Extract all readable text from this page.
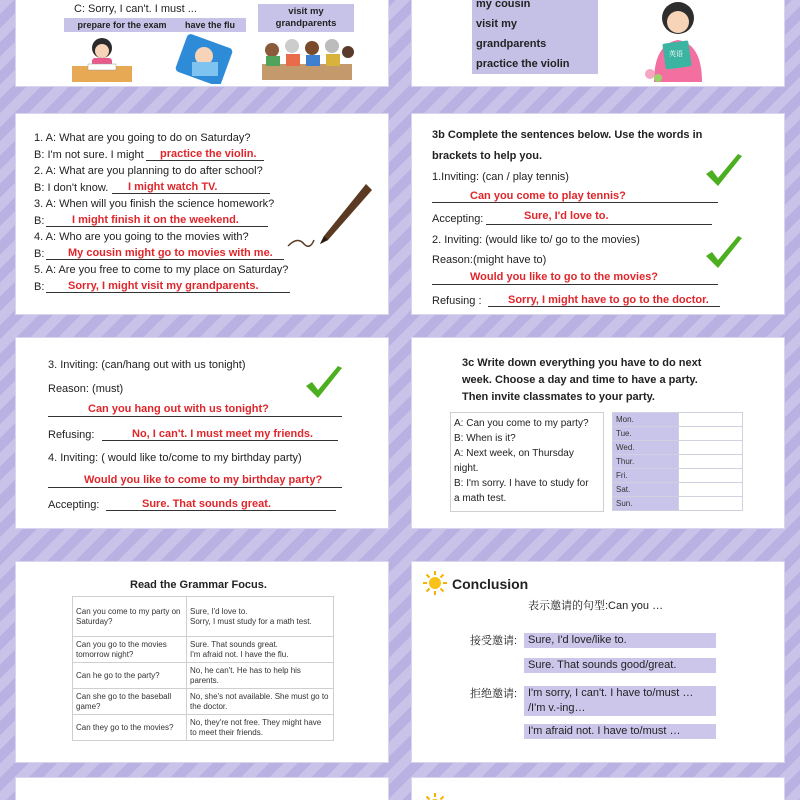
C: Sorry, I can't. I must ...
prepare for the exam	have the flu
visit my grandparents
my cousin
visit my
grandparents
practice the violin
英语
1. A: What are you going to do on Saturday?
B: I'm not sure. I might practice the violin.
2. A: What are you planning to do after school?
B: I don't know. I might watch TV.
3. A: When will you finish the science homework?
B:	I might finish it on the weekend.
4. A: Who are you going to the movies with?
B: My cousin might go to movies with me.
5. A: Are you free to come to my place on Saturday?
B: Sorry, I might visit my grandparents.
3b Complete the sentences below. Use the words in
brackets to help you.
1.Inviting: (can / play tennis)
Can you come to play tennis?
Accepting:	Sure, I'd love to.
2. Inviting: (would like to/ go to the movies)
Reason:(might have to)
Would you like to go to the movies?
Refusing : Sorry, I might have to go to the doctor.
3. Inviting: (can/hang out with us tonight)
Reason: (must)
Can you hang out with us tonight?
Refusing:	No, I can't. I must meet my friends.
4. Inviting: ( would like to/come to my birthday party)
Would you like to come to my birthday party?
Accepting:	Sure. That sounds great.
3c Write down everything you have to do next
week. Choose a day and time to have a party.
Then invite classmates to your party.
A: Can you come to my party?
B: When is it?
A: Next week, on Thursday
night.
B: I'm sorry. I have to study for
a math test.
Mon.	
Tue.	
Wed.	
Thur.	
Fri.	
Sat.	
Sun.	
Read the Grammar Focus.
Can you come to my party on Saturday?	Sure, I'd love to.
Sorry, I must study for a math test.
Can you go to the movies tomorrow night?	Sure. That sounds great.
I'm afraid not. I have the flu.
Can he go to the party?	No, he can't. He has to help his parents.
Can she go to the baseball game?	No, she's not available. She must go to the doctor.
Can they go to the movies?	No, they're not free. They might have to meet their friends.
Conclusion
表示邀请的句型:Can you …
接受邀请: Sure, I'd love/like to.
Sure. That sounds good/great.
拒绝邀请: I'm sorry, I can't. I have to/must …
/I'm v.-ing…
I'm afraid not. I have to/must …
